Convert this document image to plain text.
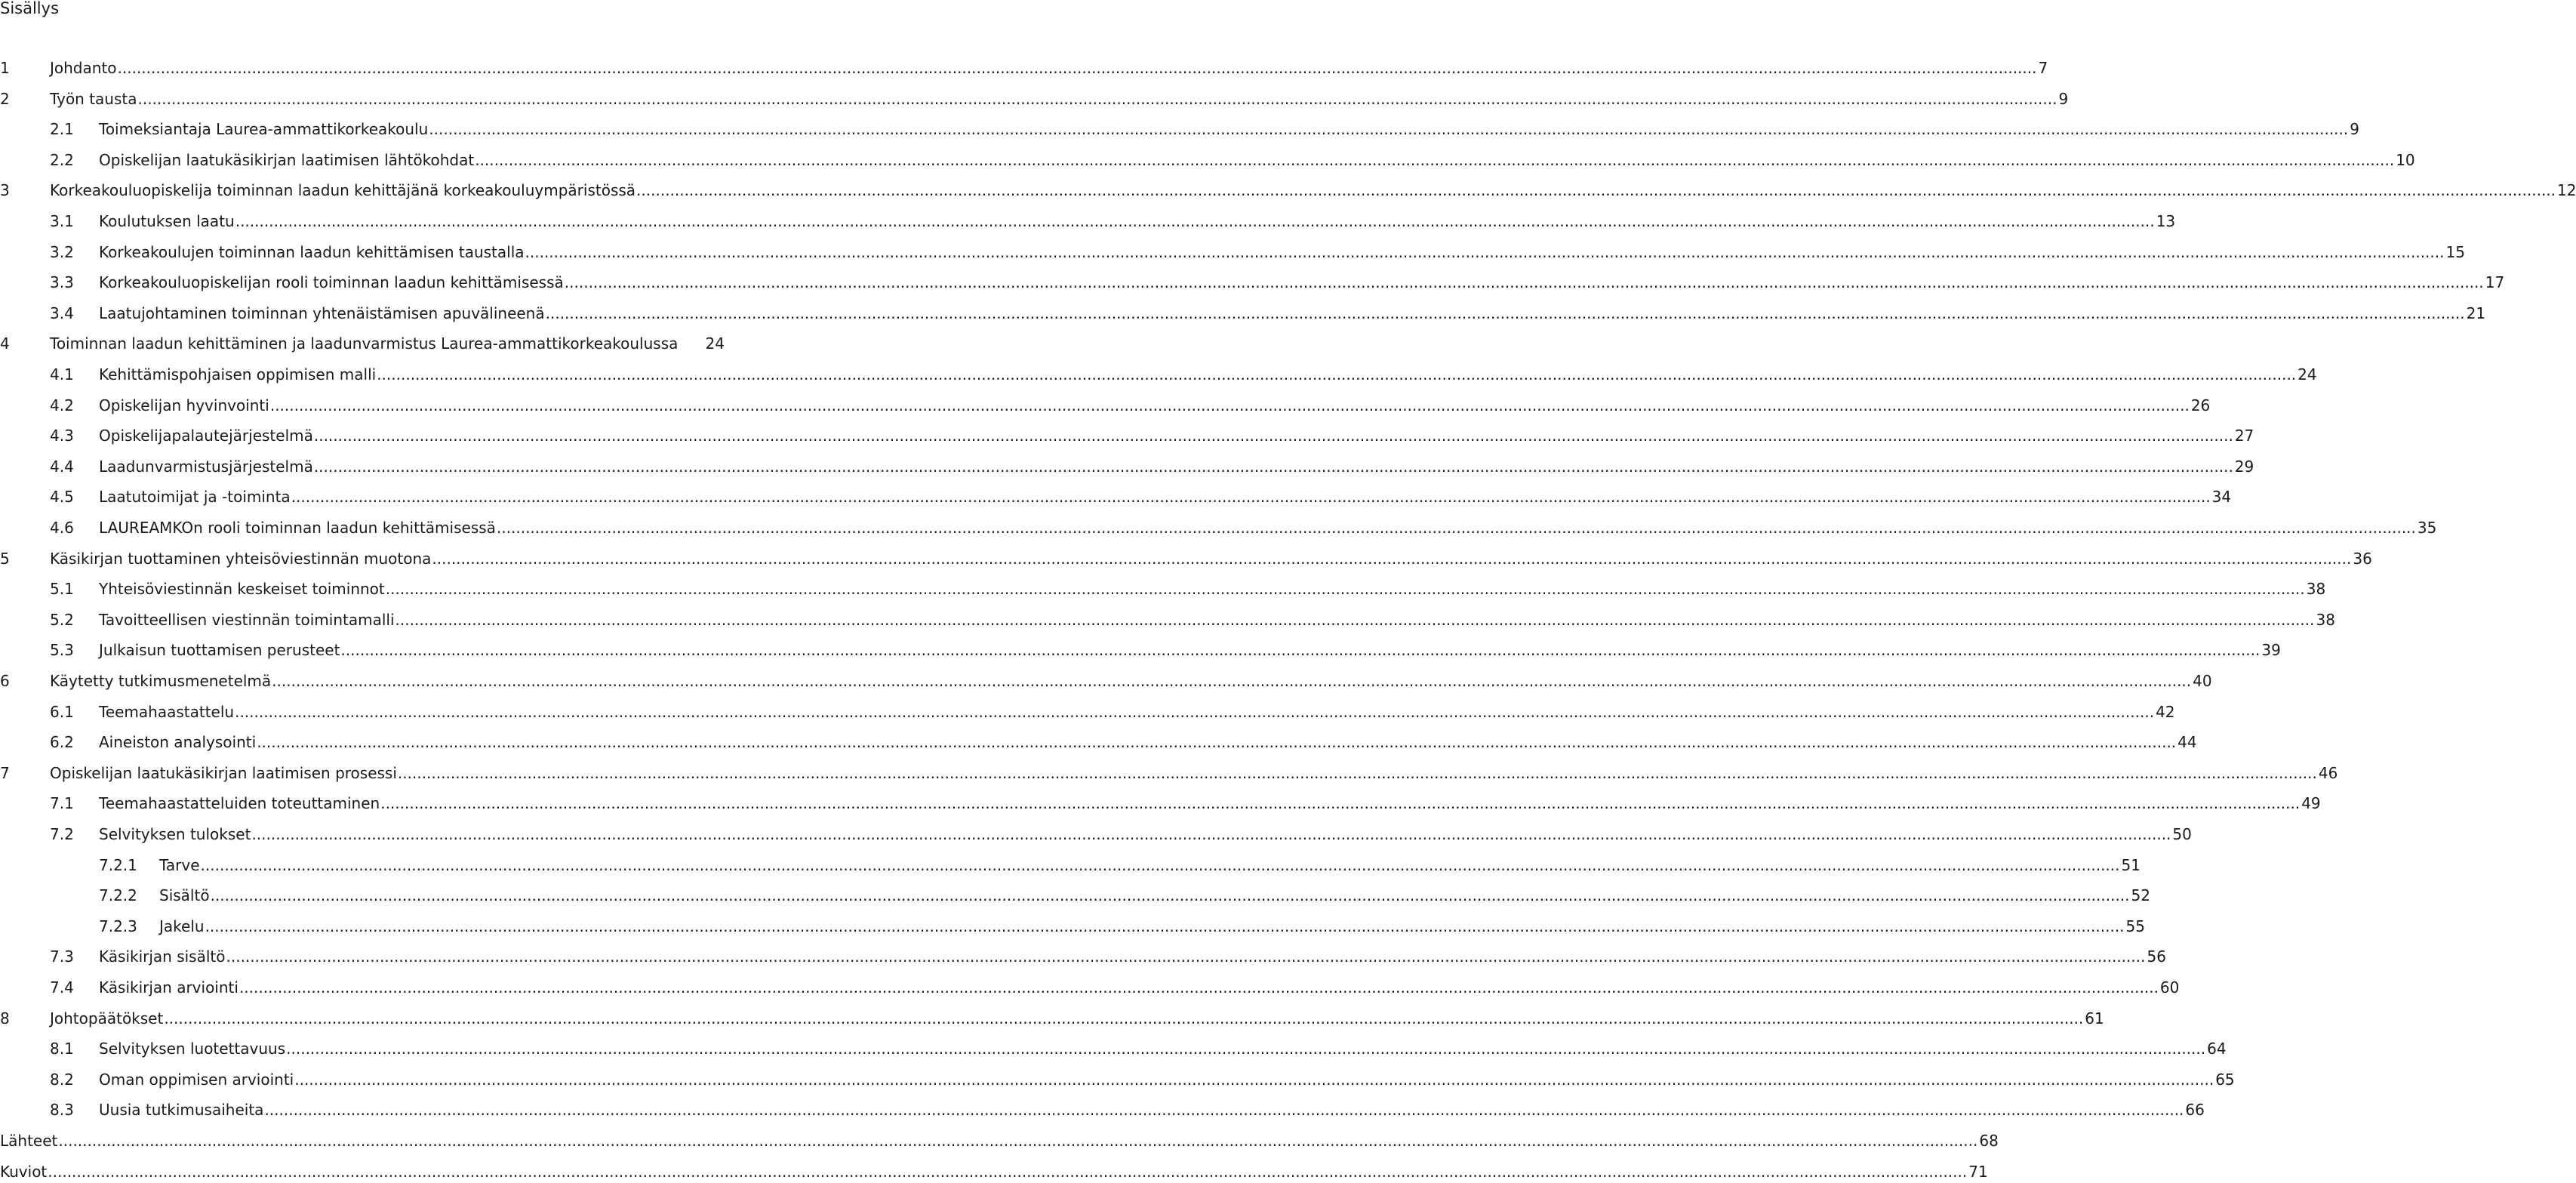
Sisällys
1	Johdanto ................................................................................................................................................................................................................................................................................................................................................................................................................ 7
2	Työn tausta ................................................................................................................................................................................................................................................................................................................................................................................................................ 9
2.1 Toimeksiantaja Laurea-ammattikorkeakoulu ................................................................................................................................................................................................................................................................................................................................................................................................................ 9
2.2 Opiskelijan laatukäsikirjan laatimisen lähtökohdat ................................................................................................................................................................................................................................................................................................................................................................................................................ 10
3	Korkeakouluopiskelija toiminnan laadun kehittäjänä korkeakouluympäristössä ................................................................................................................................................................................................................................................................................................................................................................................................................ 12
3.1 Koulutuksen laatu ................................................................................................................................................................................................................................................................................................................................................................................................................ 13
3.2 Korkeakoulujen toiminnan laadun kehittämisen taustalla ................................................................................................................................................................................................................................................................................................................................................................................................................ 15
3.3 Korkeakouluopiskelijan rooli toiminnan laadun kehittämisessä ................................................................................................................................................................................................................................................................................................................................................................................................................ 17
3.4 Laatujohtaminen toiminnan yhtenäistämisen apuvälineenä ................................................................................................................................................................................................................................................................................................................................................................................................................ 21
4	Toiminnan laadun kehittäminen ja laadunvarmistus Laurea-ammattikorkeakoulussa 24
4.1 Kehittämispohjaisen oppimisen malli ................................................................................................................................................................................................................................................................................................................................................................................................................ 24
4.2 Opiskelijan hyvinvointi ................................................................................................................................................................................................................................................................................................................................................................................................................ 26
4.3 Opiskelijapalautejärjestelmä ................................................................................................................................................................................................................................................................................................................................................................................................................ 27
4.4 Laadunvarmistusjärjestelmä ................................................................................................................................................................................................................................................................................................................................................................................................................ 29
4.5 Laatutoimijat ja -toiminta ................................................................................................................................................................................................................................................................................................................................................................................................................ 34
4.6 LAUREAMKOn rooli toiminnan laadun kehittämisessä ................................................................................................................................................................................................................................................................................................................................................................................................................ 35
5	Käsikirjan tuottaminen yhteisöviestinnän muotona ................................................................................................................................................................................................................................................................................................................................................................................................................ 36
5.1 Yhteisöviestinnän keskeiset toiminnot ................................................................................................................................................................................................................................................................................................................................................................................................................ 38
5.2 Tavoitteellisen viestinnän toimintamalli ................................................................................................................................................................................................................................................................................................................................................................................................................ 38
5.3 Julkaisun tuottamisen perusteet ................................................................................................................................................................................................................................................................................................................................................................................................................ 39
6	Käytetty tutkimusmenetelmä ................................................................................................................................................................................................................................................................................................................................................................................................................ 40
6.1 Teemahaastattelu ................................................................................................................................................................................................................................................................................................................................................................................................................ 42
6.2 Aineiston analysointi ................................................................................................................................................................................................................................................................................................................................................................................................................ 44
7	Opiskelijan laatukäsikirjan laatimisen prosessi ................................................................................................................................................................................................................................................................................................................................................................................................................ 46
7.1 Teemahaastatteluiden toteuttaminen ................................................................................................................................................................................................................................................................................................................................................................................................................ 49
7.2 Selvityksen tulokset ................................................................................................................................................................................................................................................................................................................................................................................................................ 50
7.2.1 Tarve ................................................................................................................................................................................................................................................................................................................................................................................................................ 51
7.2.2 Sisältö ................................................................................................................................................................................................................................................................................................................................................................................................................ 52
7.2.3 Jakelu ................................................................................................................................................................................................................................................................................................................................................................................................................ 55
7.3 Käsikirjan sisältö ................................................................................................................................................................................................................................................................................................................................................................................................................ 56
7.4 Käsikirjan arviointi ................................................................................................................................................................................................................................................................................................................................................................................................................ 60
8	Johtopäätökset ................................................................................................................................................................................................................................................................................................................................................................................................................ 61
8.1 Selvityksen luotettavuus ................................................................................................................................................................................................................................................................................................................................................................................................................ 64
8.2 Oman oppimisen arviointi ................................................................................................................................................................................................................................................................................................................................................................................................................ 65
8.3 Uusia tutkimusaiheita ................................................................................................................................................................................................................................................................................................................................................................................................................ 66
Lähteet ................................................................................................................................................................................................................................................................................................................................................................................................................ 68
Kuviot ................................................................................................................................................................................................................................................................................................................................................................................................................ 71
